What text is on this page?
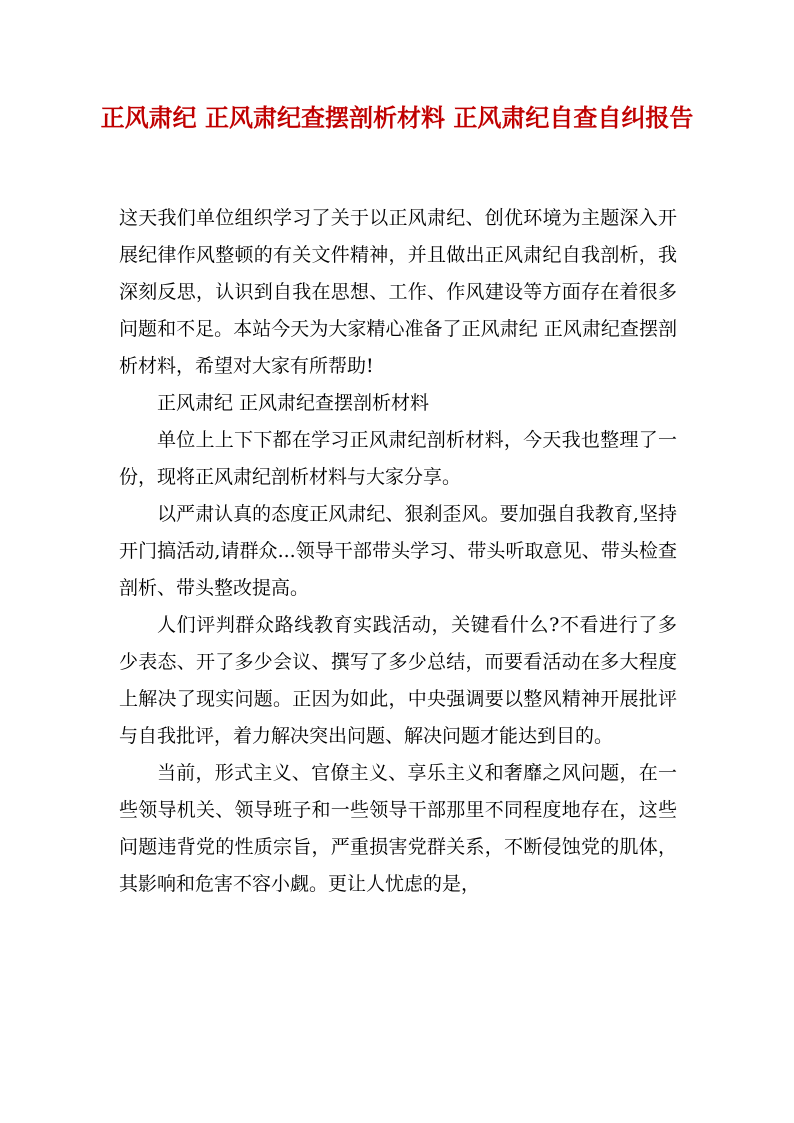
正风肃纪 正风肃纪查摆剖析材料 正风肃纪自查自纠报告

这天我们单位组织学习了关于以正风肃纪、创优环境为主题深入开展纪律作风整顿的有关文件精神，并且做出正风肃纪自我剖析，我深刻反思，认识到自我在思想、工作、作风建设等方面存在着很多问题和不足。本站今天为大家精心准备了正风肃纪 正风肃纪查摆剖析材料，希望对大家有所帮助!

正风肃纪 正风肃纪查摆剖析材料

单位上上下下都在学习正风肃纪剖析材料，今天我也整理了一份，现将正风肃纪剖析材料与大家分享。

以严肃认真的态度正风肃纪、狠刹歪风。要加强自我教育,坚持开门搞活动,请群众...领导干部带头学习、带头听取意见、带头检查剖析、带头整改提高。

人们评判群众路线教育实践活动，关键看什么?不看进行了多少表态、开了多少会议、撰写了多少总结，而要看活动在多大程度上解决了现实问题。正因为如此，中央强调要以整风精神开展批评与自我批评，着力解决突出问题、解决问题才能达到目的。

当前，形式主义、官僚主义、享乐主义和奢靡之风问题，在一些领导机关、领导班子和一些领导干部那里不同程度地存在，这些问题违背党的性质宗旨，严重损害党群关系，不断侵蚀党的肌体，其影响和危害不容小觑。更让人忧虑的是，
